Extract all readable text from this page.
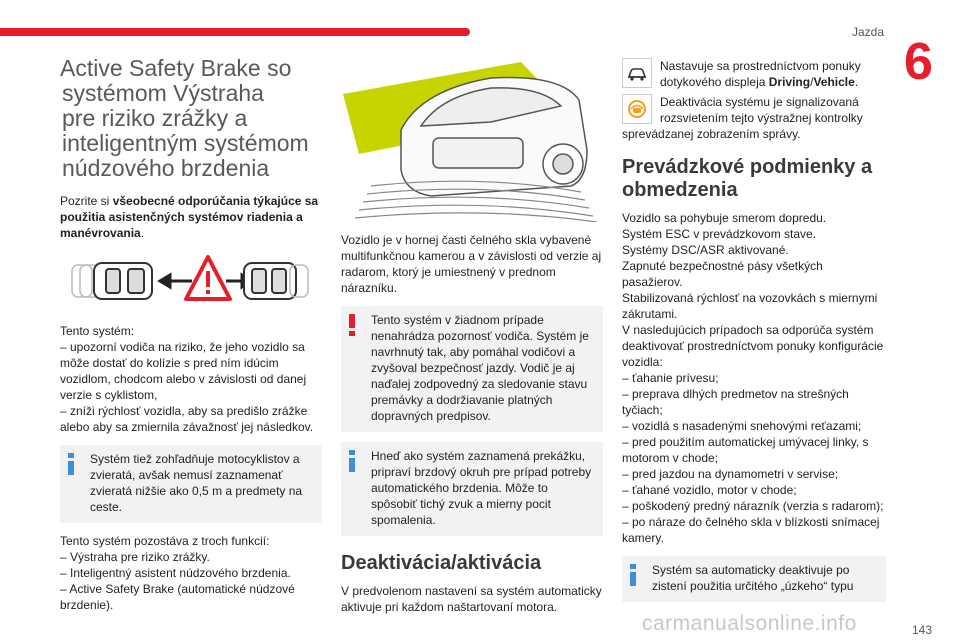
Jazda
6
Active Safety Brake so
systémom Výstraha
pre riziko zrážky a
inteligentným systémom
núdzového brzdenia

Pozrite si všeobecné odporúčania týkajúce sa použitia asistenčných systémov riadenia a manévrovania.

Tento systém:
– upozorní vodiča na riziko, že jeho vozidlo sa môže dostať do kolízie s pred ním idúcim vozidlom, chodcom alebo v závislosti od danej verzie s cyklistom,
– zníži rýchlosť vozidla, aby sa predišlo zrážke alebo aby sa zmiernila závažnosť jej následkov.

Systém tiež zohľadňuje motocyklistov a zvieratá, avšak nemusí zaznamenať zvieratá nižšie ako 0,5 m a predmety na ceste.

Tento systém pozostáva z troch funkcií:
– Výstraha pre riziko zrážky.
– Inteligentný asistent núdzového brzdenia.
– Active Safety Brake (automatické núdzové brzdenie).

Vozidlo je v hornej časti čelného skla vybavené multifunkčnou kamerou a v závislosti od verzie aj radarom, ktorý je umiestnený v prednom nárazníku.

Tento systém v žiadnom prípade nenahrádza pozornosť vodiča. Systém je navrhnutý tak, aby pomáhal vodičovi a zvyšoval bezpečnosť jazdy. Vodič je aj naďalej zodpovedný za sledovanie stavu premávky a dodržiavanie platných dopravných predpisov.

Hneď ako systém zaznamená prekážku, pripraví brzdový okruh pre prípad potreby automatického brzdenia. Môže to spôsobiť tichý zvuk a mierny pocit spomalenia.

Deaktivácia/aktivácia

V predvolenom nastavení sa systém automaticky aktivuje pri každom naštartovaní motora.

Nastavuje sa prostredníctvom ponuky dotykového displeja Driving/Vehicle.

Deaktivácia systému je signalizovaná rozsvietením tejto výstražnej kontrolky sprevádzanej zobrazením správy.

Prevádzkové podmienky a obmedzenia

Vozidlo sa pohybuje smerom dopredu.
Systém ESC v prevádzkovom stave.
Systémy DSC/ASR aktivované.
Zapnuté bezpečnostné pásy všetkých pasažierov.
Stabilizovaná rýchlosť na vozovkách s miernymi zákrutami.
V nasledujúcich prípadoch sa odporúča systém deaktivovať prostredníctvom ponuky konfigurácie vozidla:
– ťahanie prívesu;
– preprava dlhých predmetov na strešných tyčiach;
– vozidlá s nasadenými snehovými reťazami;
– pred použitím automatickej umývacej linky, s motorom v chode;
– pred jazdou na dynamometri v servise;
– ťahané vozidlo, motor v chode;
– poškodený predný nárazník (verzia s radarom);
– po náraze do čelného skla v blízkosti snímacej kamery.

Systém sa automaticky deaktivuje po zistení použitia určitého „úzkeho“ typu

carmanualsonline.info	143
